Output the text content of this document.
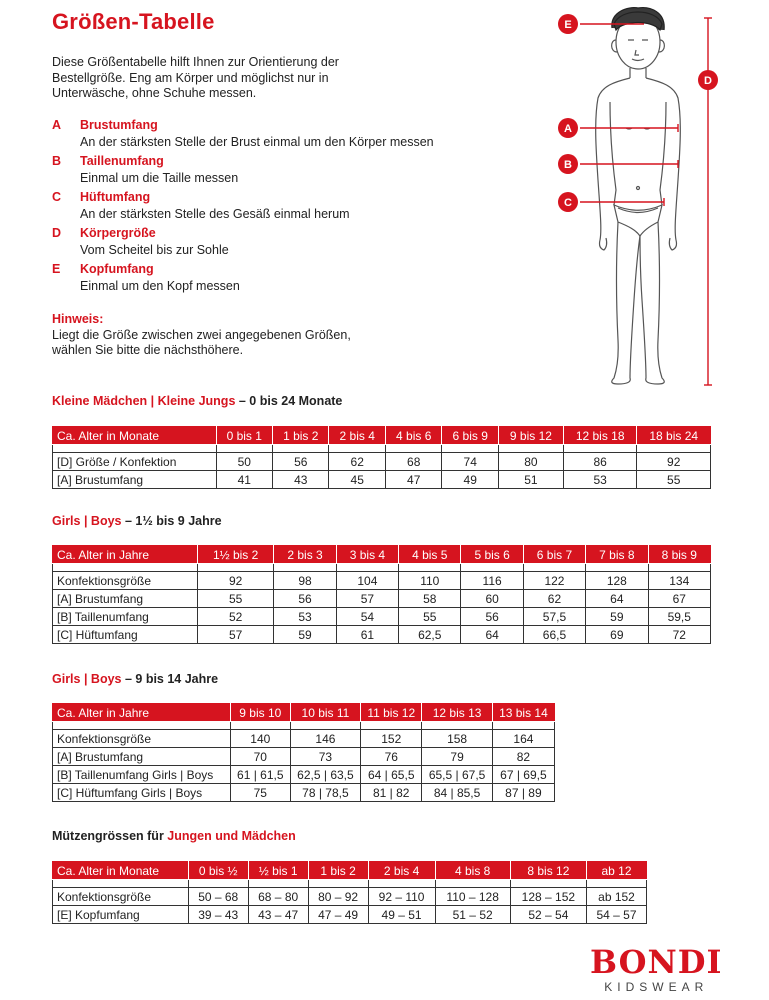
Größen-Tabelle
Diese Größentabelle hilft Ihnen zur Orientierung der Bestellgröße. Eng am Körper und möglichst nur in Unterwäsche, ohne Schuhe messen.
A Brustumfang
An der stärksten Stelle der Brust einmal um den Körper messen
B Taillenumfang
Einmal um die Taille messen
C Hüftumfang
An der stärksten Stelle des Gesäß einmal herum
D Körpergröße
Vom Scheitel bis zur Sohle
E Kopfumfang
Einmal um den Kopf messen
Hinweis:
Liegt die Größe zwischen zwei angegebenen Größen, wählen Sie bitte die nächsthöhere.
E
D
A
B
C
Kleine Mädchen | Kleine Jungs – 0 bis 24 Monate
Ca. Alter in Monate	0 bis 1	1 bis 2	2 bis 4	4 bis 6	6 bis 9	9 bis 12	12 bis 18	18 bis 24

[D] Größe / Konfektion	50	56	62	68	74	80	86	92
[A] Brustumfang	41	43	45	47	49	51	53	55
Girls | Boys – 1½ bis 9 Jahre
Ca. Alter in Jahre	1½ bis 2	2 bis 3	3 bis 4	4 bis 5	5 bis 6	6 bis 7	7 bis 8	8 bis 9

Konfektionsgröße	92	98	104	110	116	122	128	134
[A] Brustumfang	55	56	57	58	60	62	64	67
[B] Taillenumfang	52	53	54	55	56	57,5	59	59,5
[C] Hüftumfang	57	59	61	62,5	64	66,5	69	72
Girls | Boys – 9 bis 14 Jahre
Ca. Alter in Jahre	9 bis 10	10 bis 11	11 bis 12	12 bis 13	13 bis 14

Konfektionsgröße	140	146	152	158	164
[A] Brustumfang	70	73	76	79	82
[B] Taillenumfang Girls | Boys	61 | 61,5	62,5 | 63,5	64 | 65,5	65,5 | 67,5	67 | 69,5
[C] Hüftumfang Girls | Boys	75	78 | 78,5	81 | 82	84 | 85,5	87 | 89
Mützengrössen für Jungen und Mädchen
Ca. Alter in Monate	0 bis ½	½ bis 1	1 bis 2	2 bis 4	4 bis 8	8 bis 12	ab 12

Konfektionsgröße	50 – 68	68 – 80	80 – 92	92 – 110	110 – 128	128 – 152	ab 152
[E] Kopfumfang	39 – 43	43 – 47	47 – 49	49 – 51	51 – 52	52 – 54	54 – 57
BONDI
KIDSWEAR
